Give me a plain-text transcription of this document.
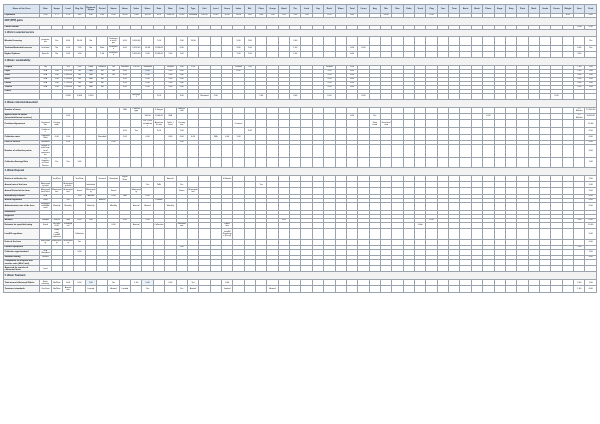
Name of the Form	Date	Scope	Level	Reg. No.	Regional Scope	Period	Status	Name	Value	Notes	Date	Rate	Code	Type	Unit	Level	Score	Index	Ref.	Class	Group	Band	Tier	Limit	Cap	Rank	Share	Total	Count	Avg	Min	Max	Delta	Trend	Flag	Year	Term	Basis	Mode	Phase	Stage	Step	Point	Mark	Grade	Factor	Weight	Sum	Final
Population	0.00	1.77	0.79	3.40	9.00	0.00	0.00	50.00	1.500	100.00	4.00	5000.00	10.00	Standard	100.00	10.00	10.00	10.00	3.00	0.00	1.00	1.00	5.00	1.00		0.50		0.00			20.00				0.00												0.00		0.00
GDP (PPP) gains																																																	
Labour market																																																75.00	0.50
1. Work in selected sectors																																																	
Blended Learning	programme	Yes	6.00	20.00	No		Enterprise level / per	0.00	5,000.00		7.00		2.00	13.00				5.00	2.00				3.00																										Yes
Technical/Industrial courses	Included	No	5.00	7.00	No	Rate	Enterprise	0.00	3,500.00	16.00	1,000.00		0.00					3.00	1.00				1.00					0.00	0.00																			0.00	Yes
Higher Diploma	Specific	No	5.00	1.00		1.00	Enterprise		5,000.00	8.00	2,000.00	1.00	1.00					1.00	1.00				1.00					0.00																				3.00	
2. Waste / sustainability																																																	
Prepaid	Yes		Yes	5.00	Ratio	Bilateral	Yes	Blended	100.00	Standard		Limited	3.00	1.00				Limited	7.00							Limited		3.00																				7.00	1.00
Paper	N/A	1.00	1,375.00	Yes	N/A	No	Yes	5.00		0.00		2.00	5.00					0.00								5.00		0.00																				2.00	1.00
Glass	N/A	1.00	1,800.00	Yes	N/A	No	Yes	5.00		0.00		2.00	5.00													5.00		0.00																				5.00	1.00
Metal	N/A	1.00	1,150.00	Yes	N/A	No		5.00		0.00		2.00	5.00													5.00		0.00																				3.00	1.00
Plastic	N/A	1.00	1,750.00	Yes	N/A	No		5.00		0.00		2.00	5.00													5.00		0.00																				5.00	1.00
Textiles	N/A	1.00	1,400.00	Yes	N/A	No		5.00		0.00		2.00	5.00													5.00		0.00																				5.00	1.00
Others																																																	
			3,900	2,800	5,050				Average 1		2.00		3.00		Standard	2.00				2.00			3.00			0.00			0.00																	0.00			
3. Waste collection/Household																																																	
Number of items								N/A	Contract type		5 Stages		Annual shift																																			12 Months	12,000.00
Agreed rates on labour (household-based services)			2.00							100.00	1,000.00	N/A																0.00		Yes										6.00								12 Months	8,000.00
Purchase Agreement	Organisation	Country wide								Per 1,000 inhabitants	Agreement rate	Table 1 Level	Country rate					Contract												Town trend	Decentralised																		14.00
	Certificate							5.00	Yes		2.00		5.00						3.00																														0.50
Collection rates	Transport/Tons	0.00	1.00			Standard		1.00		0.00		0.00	0.00	0.00		N/A	0.00	1.00																															0.00
Level of service	Standard		2.00				0.00						5.00																																				0.00
Number of collection points	Waste in bulk from local communities																																																0.00
Collection Average Rate	13 Samples of Town Service	Yes	Yes	1.00																																													1.00
4. Waste Disposal																																																	
Notice of collection for		Yes/Rate		Yes/Rate		General	Standard	Equal Rate				Annual					3 Months																																2.00
Annual rate of the form	Municipality level		Municipality level		Individual					Yes	N/A		Yes							Yes																													5.00
Annual Period of the form	Municipalities/Cities	Municipalities	Municipalities	Towns	Municipality		Towns		Municipality				Towns	Municipalities																																			5.00
Annual/Day estimate	N/A			1.00	Annual		0.00	N/A		0.00																																							0.00
Annual regulation	Limit		Yes			Annual					Limited																																						0.00
Administrative rate of the form	Weekly/Monthly/Annual	Monthly	Monthly		Monthly		Monthly		Annual	Annual		Monthly																																					0.00
Inhabitants																																																	
Registers																																																	
Allowed	Limited	100.00	N/A	0.00	1.00			0.00		5.00												0.00													0.00													5.00	0.00
Estimate for specified rating	Fixed	No rate/ 0.00	Fixed/Equal				0.00		Annual		Collection		Standard rate				Equal rate																	Valid															10.00
Landfill regulation		Fixed rate/ Landfill collection		Collection													Landfill Regulation (Level)																																5.00
Units of the form	Municipality	Municipality	Municipality	Yes																																													0.00
Landfill Equipment													5.00																																			2.00	
Collection type/standard	N/A Standard			5.00																																													1.00
Standard Rating	Various																																																0.00
Compliance for disposal and transfer rates (Min/ Limit)																																																	
Approved for transfer of communal limits	Limit																																																
5. Waste Treatment																																																	
Total annual efficiency/ Effects	Each intensity	No/Rate	0.00	0.00	1.00		Yes		1.00	0.00		1.00		Yes			0.00																															5.00	1.00
Treatment standards	Yes/Limit	No/Rate	Annual rate		Limited		Annual	Limited		Yes			Yes	Annual			Limited				Annual																											1.00	0.00
